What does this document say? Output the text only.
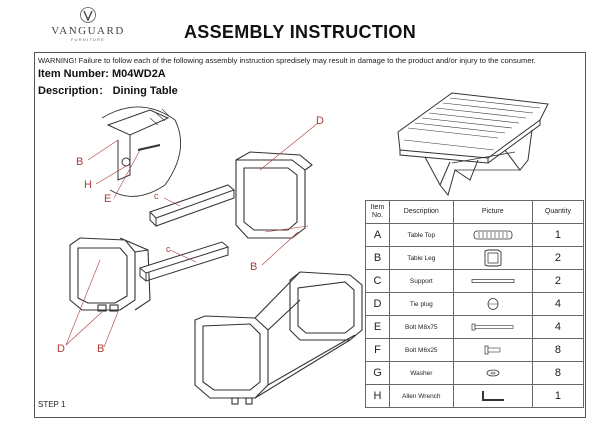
VANGUARD
FURNITURE	ASSEMBLY INSTRUCTION
WARNING! Failure to follow each of the following assembly instruction spredisely may result in damage to the product and/or injury to the consumer.
Item Number: M04WD2A
Description： Dining Table
B
H
E	c
D
B
c
D	B
Item No.	Description	Picture	Quantity
A	Table Top		1
B	Table Leg		2
C	Support		2
D	Tie plug		4
E	Bolt M8x75		4
F	Bolt M6x25		8
G	Washer		8
H	Allen Wrench		1
STEP 1
